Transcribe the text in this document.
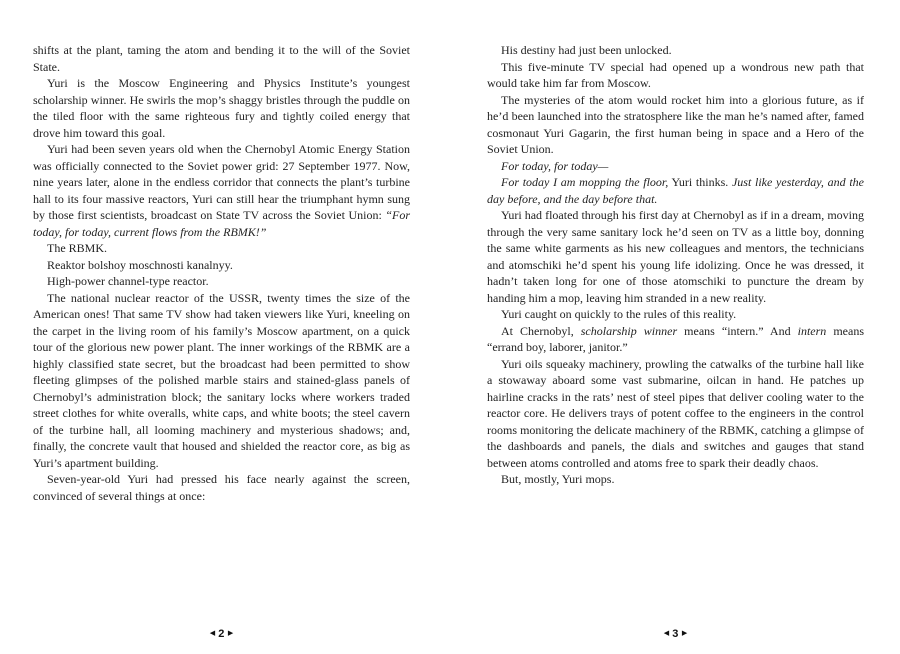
shifts at the plant, taming the atom and bending it to the will of the Soviet State.

Yuri is the Moscow Engineering and Physics Institute’s youngest scholarship winner. He swirls the mop’s shaggy bristles through the puddle on the tiled floor with the same righteous fury and tightly coiled energy that drove him toward this goal.

Yuri had been seven years old when the Chernobyl Atomic Energy Station was officially connected to the Soviet power grid: 27 September 1977. Now, nine years later, alone in the endless corridor that connects the plant’s turbine hall to its four massive reactors, Yuri can still hear the triumphant hymn sung by those first scientists, broadcast on State TV across the Soviet Union: “For today, for today, current flows from the RBMK!”

The RBMK.

Reaktor bolshoy moschnosti kanalnyy.

High-power channel-type reactor.

The national nuclear reactor of the USSR, twenty times the size of the American ones! That same TV show had taken viewers like Yuri, kneeling on the carpet in the living room of his family’s Moscow apartment, on a quick tour of the glorious new power plant. The inner workings of the RBMK are a highly classified state secret, but the broadcast had been permitted to show fleeting glimpses of the polished marble stairs and stained-glass panels of Chernobyl’s administration block; the sanitary locks where workers traded street clothes for white overalls, white caps, and white boots; the steel cavern of the turbine hall, all looming machinery and mysterious shadows; and, finally, the concrete vault that housed and shielded the reactor core, as big as Yuri’s apartment building.

Seven-year-old Yuri had pressed his face nearly against the screen, convinced of several things at once:

◀ 2 ▶

His destiny had just been unlocked.

This five-minute TV special had opened up a wondrous new path that would take him far from Moscow.

The mysteries of the atom would rocket him into a glorious future, as if he’d been launched into the stratosphere like the man he’s named after, famed cosmonaut Yuri Gagarin, the first human being in space and a Hero of the Soviet Union.

For today, for today—

For today I am mopping the floor, Yuri thinks. Just like yesterday, and the day before, and the day before that.

Yuri had floated through his first day at Chernobyl as if in a dream, moving through the very same sanitary lock he’d seen on TV as a little boy, donning the same white garments as his new colleagues and mentors, the technicians and atomschiki he’d spent his young life idolizing. Once he was dressed, it hadn’t taken long for one of those atomschiki to puncture the dream by handing him a mop, leaving him stranded in a new reality.

Yuri caught on quickly to the rules of this reality.

At Chernobyl, scholarship winner means “intern.” And intern means “errand boy, laborer, janitor.”

Yuri oils squeaky machinery, prowling the catwalks of the turbine hall like a stowaway aboard some vast submarine, oilcan in hand. He patches up hairline cracks in the rats’ nest of steel pipes that deliver cooling water to the reactor core. He delivers trays of potent coffee to the engineers in the control rooms monitoring the delicate machinery of the RBMK, catching a glimpse of the dashboards and panels, the dials and switches and gauges that stand between atoms controlled and atoms free to spark their deadly chaos.

But, mostly, Yuri mops.

◀ 3 ▶
